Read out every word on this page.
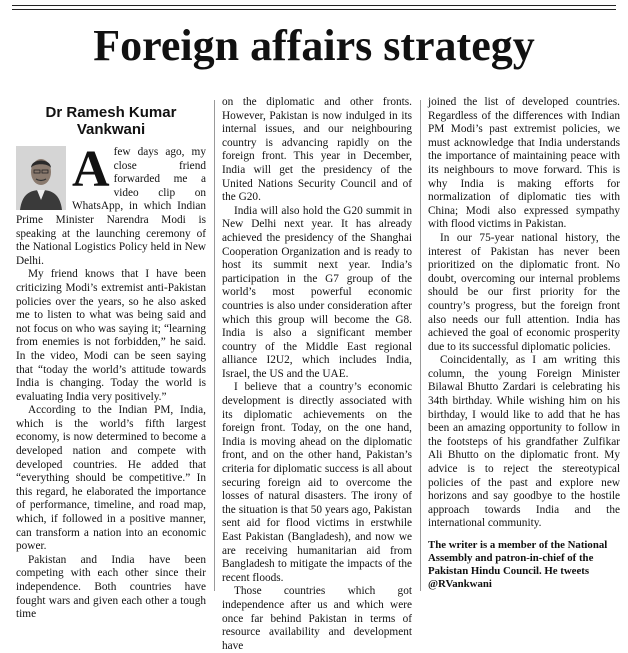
Foreign affairs strategy
Dr Ramesh Kumar Vankwani
A few days ago, my close friend forwarded me a video clip on WhatsApp, in which Indian Prime Minister Narendra Modi is speaking at the launching ceremony of the National Logistics Policy held in New Delhi.

My friend knows that I have been criticizing Modi’s extremist anti-Pakistan policies over the years, so he also asked me to listen to what was being said and not focus on who was saying it; “learning from enemies is not forbidden,” he said. In the video, Modi can be seen saying that “today the world’s attitude towards India is changing. Today the world is evaluating India very positively.”

According to the Indian PM, India, which is the world’s fifth largest economy, is now determined to become a developed nation and compete with developed countries. He added that “everything should be competitive.” In this regard, he elaborated the importance of performance, timeline, and road map, which, if followed in a positive manner, can transform a nation into an economic power.

Pakistan and India have been competing with each other since their independence. Both countries have fought wars and given each other a tough time

on the diplomatic and other fronts. However, Pakistan is now indulged in its internal issues, and our neighbouring country is advancing rapidly on the foreign front. This year in December, India will get the presidency of the United Nations Security Council and of the G20.

India will also hold the G20 summit in New Delhi next year. It has already achieved the presidency of the Shanghai Cooperation Organization and is ready to host its summit next year. India’s participation in the G7 group of the world’s most powerful economic countries is also under consideration after which this group will become the G8. India is also a significant member country of the Middle East regional alliance I2U2, which includes India, Israel, the US and the UAE.

I believe that a country’s economic development is directly associated with its diplomatic achievements on the foreign front. Today, on the one hand, India is moving ahead on the diplomatic front, and on the other hand, Pakistan’s criteria for diplomatic success is all about securing foreign aid to overcome the losses of natural disasters. The irony of the situation is that 50 years ago, Pakistan sent aid for flood victims in erstwhile East Pakistan (Bangladesh), and now we are receiving humanitarian aid from Bangladesh to mitigate the impacts of the recent floods.

Those countries which got independence after us and which were once far behind Pakistan in terms of resource availability and development have

joined the list of developed countries. Regardless of the differences with Indian PM Modi’s past extremist policies, we must acknowledge that India understands the importance of maintaining peace with its neighbours to move forward. This is why India is making efforts for normalization of diplomatic ties with China; Modi also expressed sympathy with flood victims in Pakistan.

In our 75-year national history, the interest of Pakistan has never been prioritized on the diplomatic front. No doubt, overcoming our internal problems should be our first priority for the country’s progress, but the foreign front also needs our full attention. India has achieved the goal of economic prosperity due to its successful diplomatic policies.

Coincidentally, as I am writing this column, the young Foreign Minister Bilawal Bhutto Zardari is celebrating his 34th birthday. While wishing him on his birthday, I would like to add that he has been an amazing opportunity to follow in the footsteps of his grandfather Zulfikar Ali Bhutto on the diplomatic front. My advice is to reject the stereotypical policies of the past and explore new horizons and say goodbye to the hostile approach towards India and the international community.

The writer is a member of the National Assembly and patron-in-chief of the Pakistan Hindu Council. He tweets @RVankwani
